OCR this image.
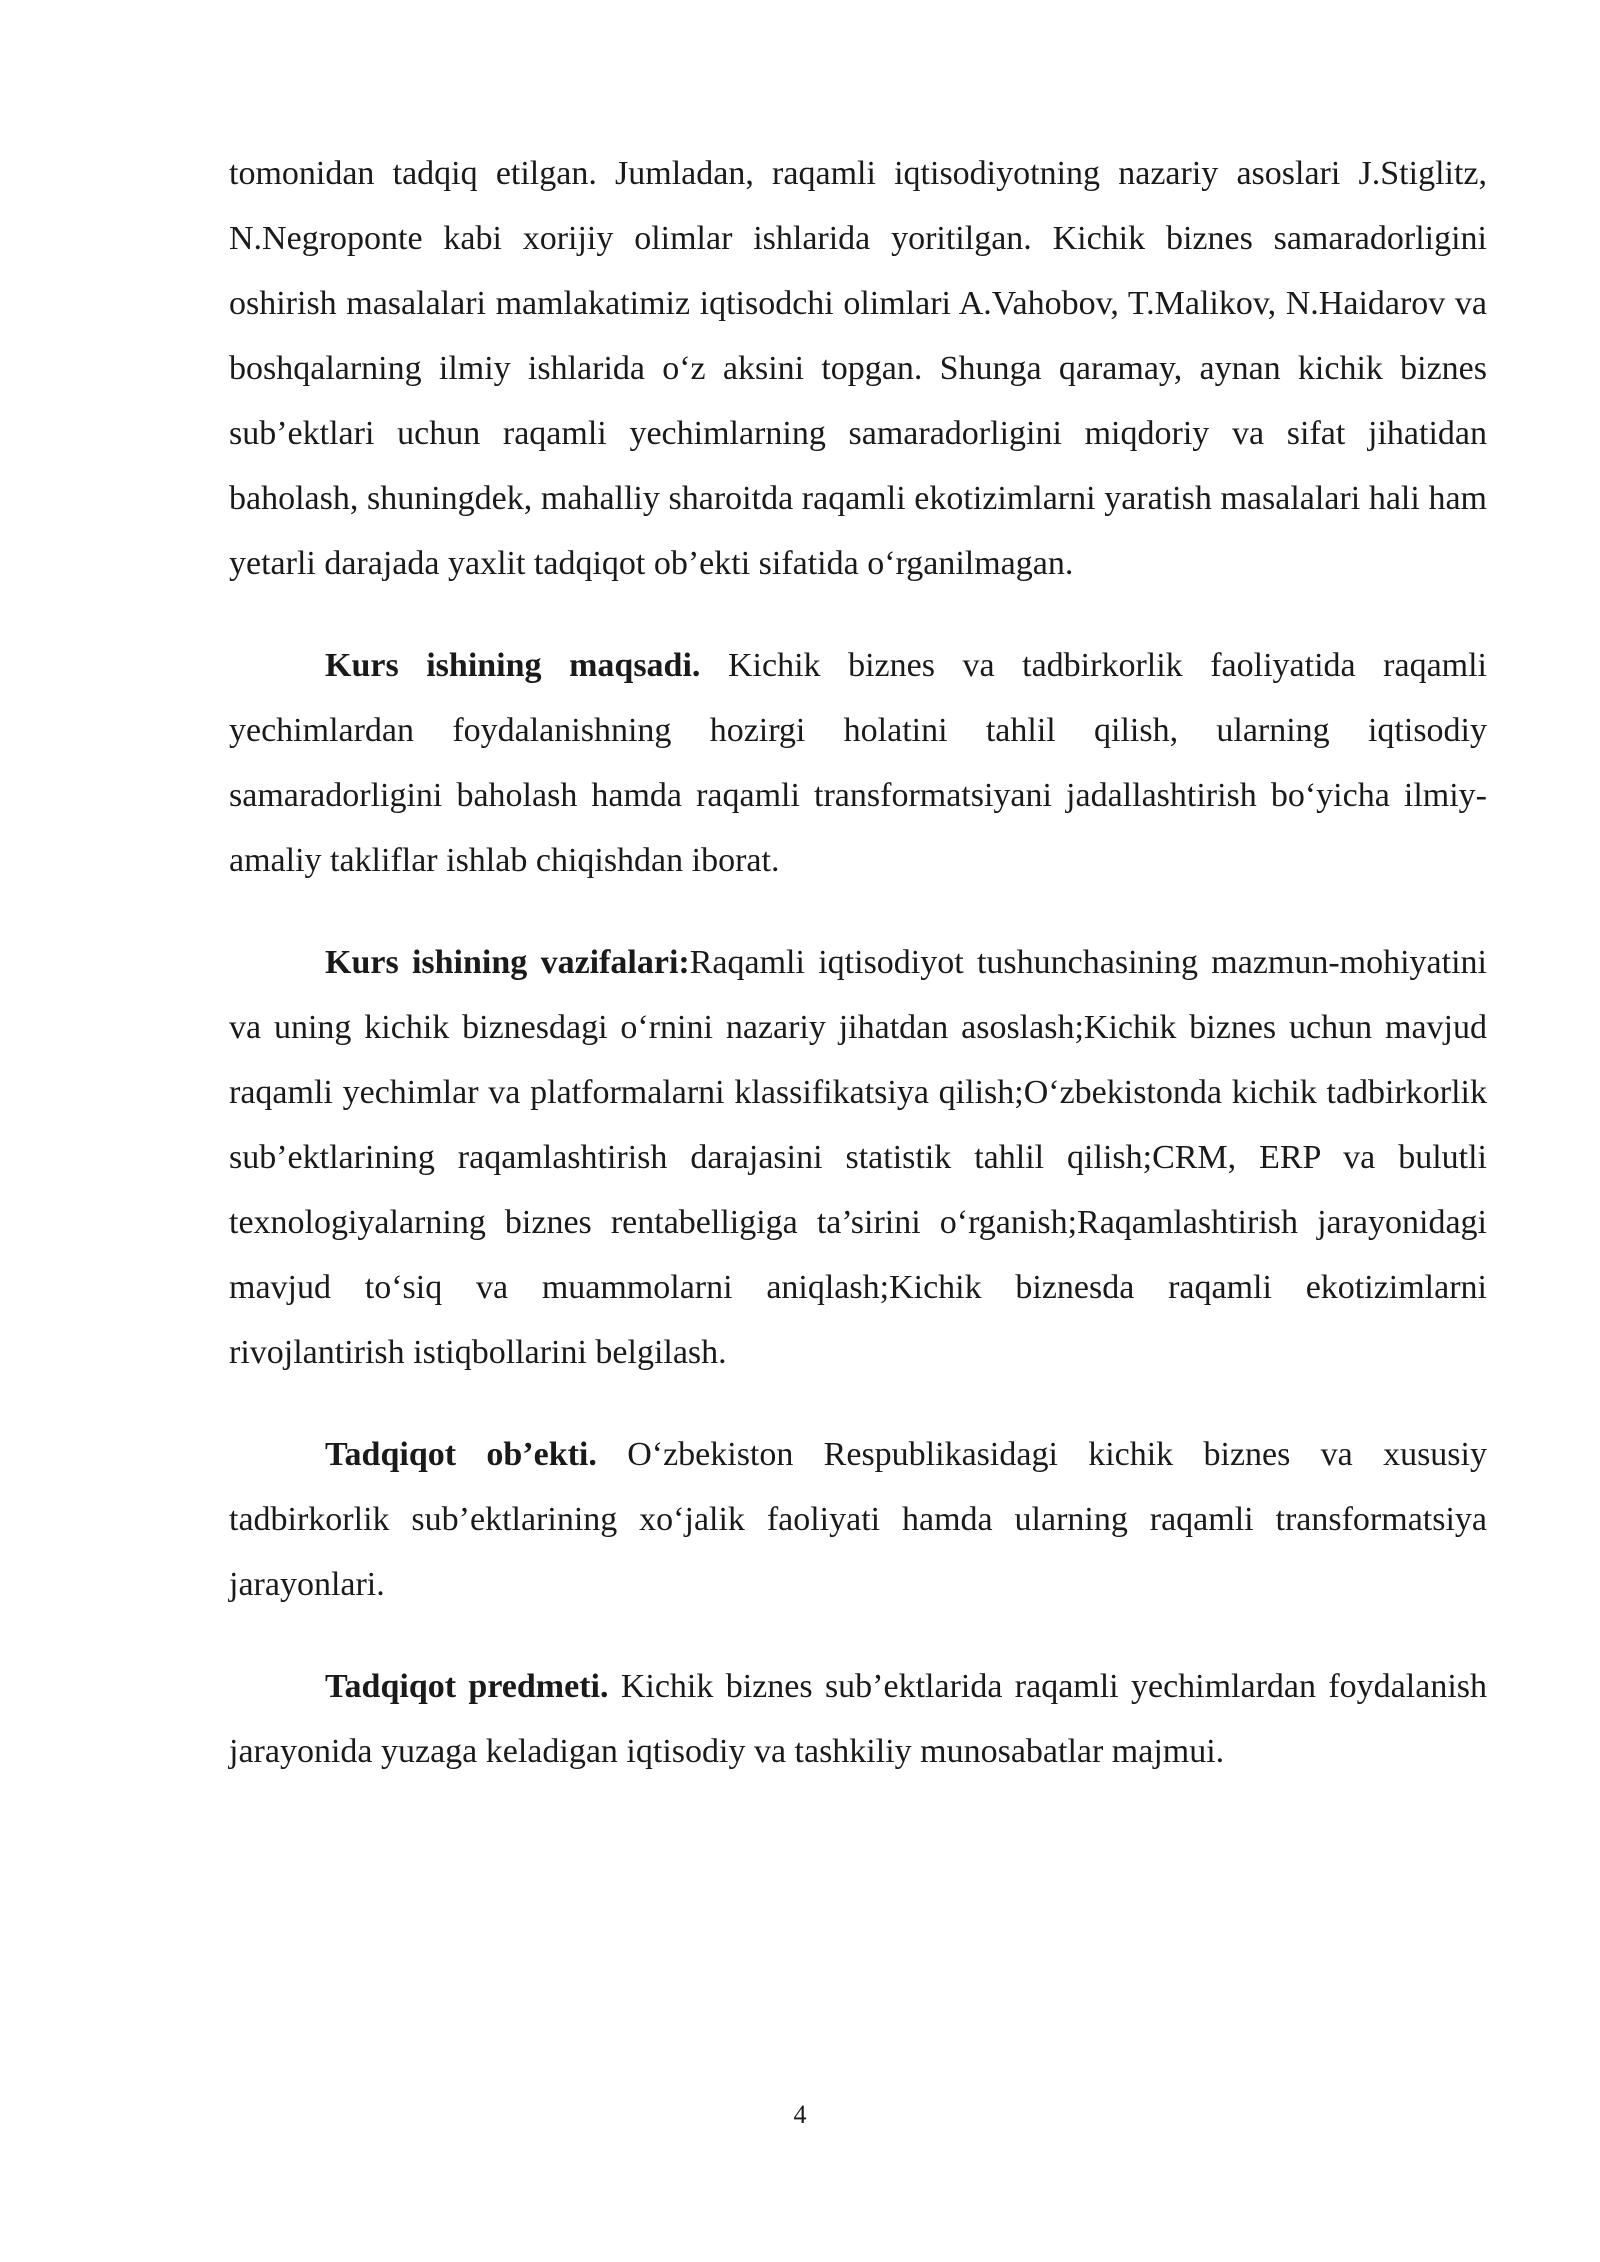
tomonidan tadqiq etilgan. Jumladan, raqamli iqtisodiyotning nazariy asoslari J.Stiglitz, N.Negroponte kabi xorijiy olimlar ishlarida yoritilgan. Kichik biznes samaradorligini oshirish masalalari mamlakatimiz iqtisodchi olimlari A.Vahobov, T.Malikov, N.Haidarov va boshqalarning ilmiy ishlarida o‘z aksini topgan. Shunga qaramay, aynan kichik biznes sub’ektlari uchun raqamli yechimlarning samaradorligini miqdoriy va sifat jihatidan baholash, shuningdek, mahalliy sharoitda raqamli ekotizimlarni yaratish masalalari hali ham yetarli darajada yaxlit tadqiqot ob’ekti sifatida o‘rganilmagan.

Kurs ishining maqsadi. Kichik biznes va tadbirkorlik faoliyatida raqamli yechimlardan foydalanishning hozirgi holatini tahlil qilish, ularning iqtisodiy samaradorligini baholash hamda raqamli transformatsiyani jadallashtirish bo‘yicha ilmiy-amaliy takliflar ishlab chiqishdan iborat.

Kurs ishining vazifalari:Raqamli iqtisodiyot tushunchasining mazmun-mohiyatini va uning kichik biznesdagi o‘rnini nazariy jihatdan asoslash;Kichik biznes uchun mavjud raqamli yechimlar va platformalarni klassifikatsiya qilish;O‘zbekistonda kichik tadbirkorlik sub’ektlarining raqamlashtirish darajasini statistik tahlil qilish;CRM, ERP va bulutli texnologiyalarning biznes rentabelligiga ta’sirini o‘rganish;Raqamlashtirish jarayonidagi mavjud to‘siq va muammolarni aniqlash;Kichik biznesda raqamli ekotizimlarni rivojlantirish istiqbollarini belgilash.

Tadqiqot ob’ekti. O‘zbekiston Respublikasidagi kichik biznes va xususiy tadbirkorlik sub’ektlarining xo‘jalik faoliyati hamda ularning raqamli transformatsiya jarayonlari.

Tadqiqot predmeti. Kichik biznes sub’ektlarida raqamli yechimlardan foydalanish jarayonida yuzaga keladigan iqtisodiy va tashkiliy munosabatlar majmui.

4
